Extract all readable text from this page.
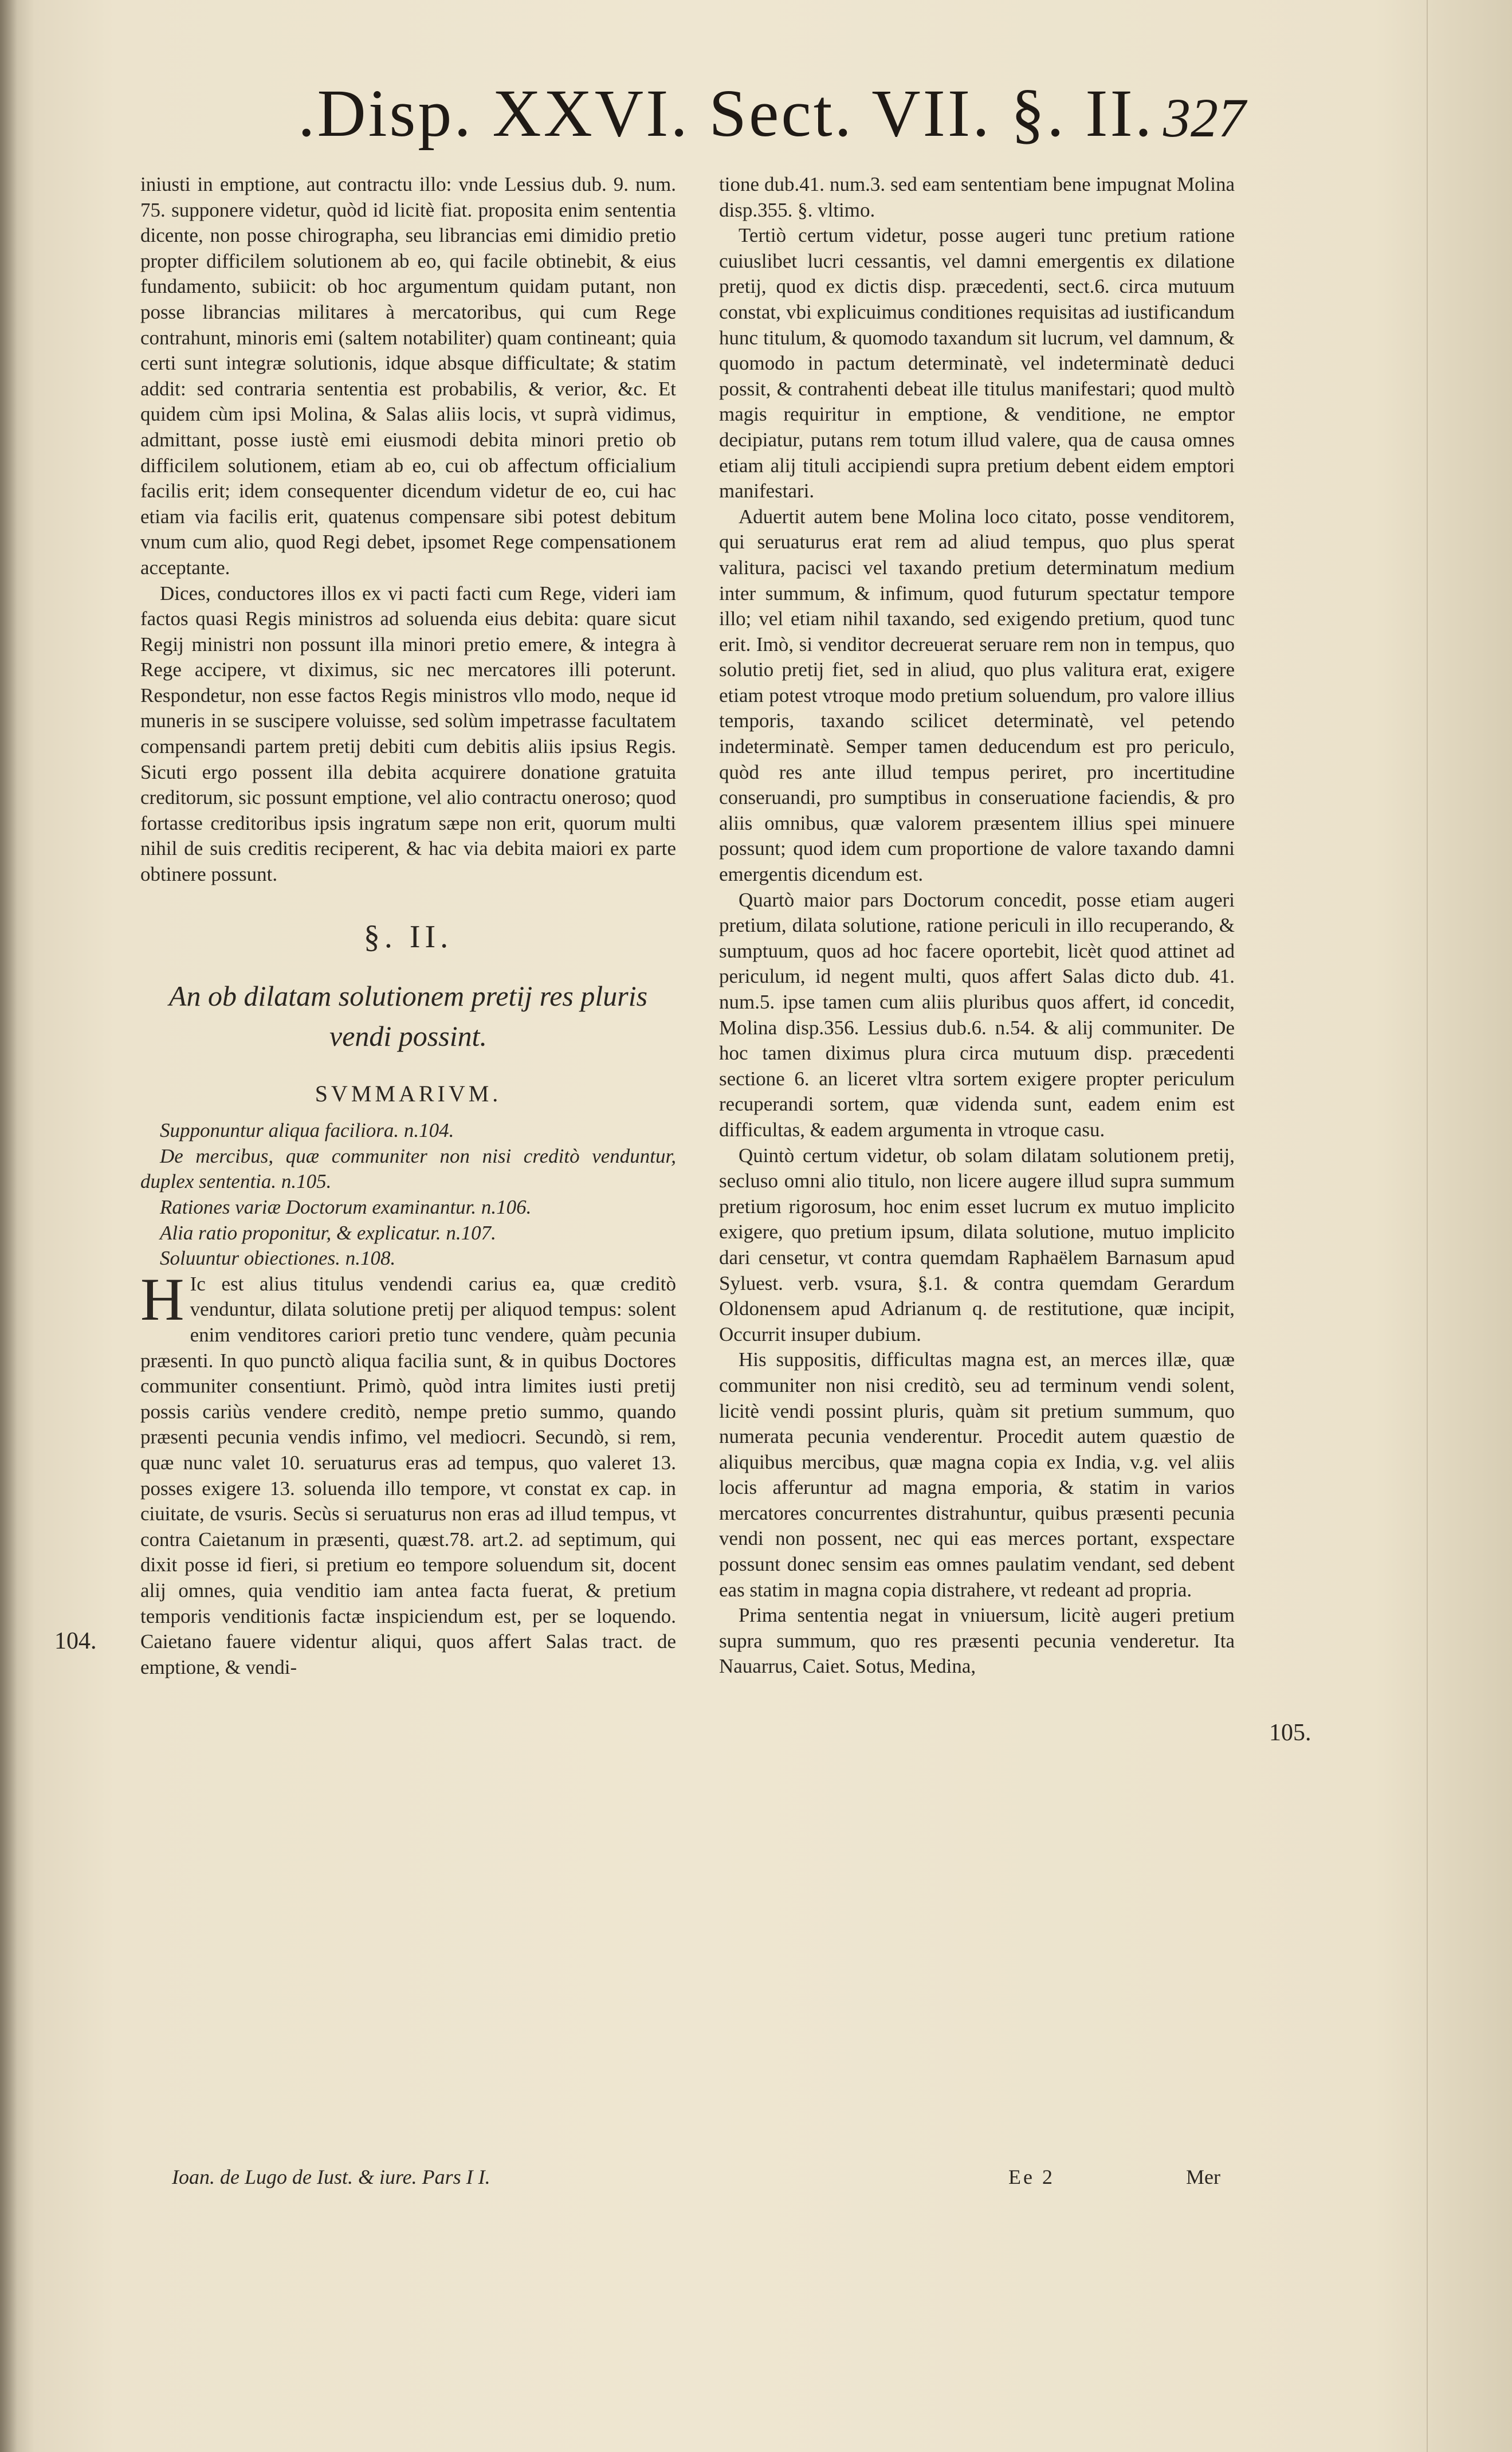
.Disp. XXVI. Sect. VII. §. II. 327

iniusti in emptione, aut contractu illo: vnde Lessius dub. 9. num. 75. supponere videtur, quòd id licitè fiat. proposita enim sententia dicente, non posse chirographa, seu librancias emi dimidio pretio propter difficilem solutionem ab eo, qui facile obtinebit, & eius fundamento, subiicit: ob hoc argumentum quidam putant, non posse librancias militares à mercatoribus, qui cum Rege contrahunt, minoris emi (saltem notabiliter) quam contineant; quia certi sunt integræ solutionis, idque absque difficultate; & statim addit: sed contraria sententia est probabilis, & verior, &c. Et quidem cùm ipsi Molina, & Salas aliis locis, vt suprà vidimus, admittant, posse iustè emi eiusmodi debita minori pretio ob difficilem solutionem, etiam ab eo, cui ob affectum officialium facilis erit; idem consequenter dicendum videtur de eo, cui hac etiam via facilis erit, quatenus compensare sibi potest debitum vnum cum alio, quod Regi debet, ipsomet Rege compensationem acceptante.

Dices, conductores illos ex vi pacti facti cum Rege, videri iam factos quasi Regis ministros ad soluenda eius debita: quare sicut Regij ministri non possunt illa minori pretio emere, & integra à Rege accipere, vt diximus, sic nec mercatores illi poterunt. Respondetur, non esse factos Regis ministros vllo modo, neque id muneris in se suscipere voluisse, sed solùm impetrasse facultatem compensandi partem pretij debiti cum debitis aliis ipsius Regis. Sicuti ergo possent illa debita acquirere donatione gratuita creditorum, sic possunt emptione, vel alio contractu oneroso; quod fortasse creditoribus ipsis ingratum sæpe non erit, quorum multi nihil de suis creditis reciperent, & hac via debita maiori ex parte obtinere possunt.

§. II.
An ob dilatam solutionem pretij res pluris vendi possint.
SVMMARIVM.

Supponuntur aliqua faciliora. n.104.

De mercibus, quæ communiter non nisi creditò venduntur, duplex sententia. n.105.

Rationes variæ Doctorum examinantur. n.106.

Alia ratio proponitur, & explicatur. n.107.

Soluuntur obiectiones. n.108.

H Ic est alius titulus vendendi carius ea, quæ creditò venduntur, dilata solutione pretij per aliquod tempus: solent enim venditores cariori pretio tunc vendere, quàm pecunia præsenti. In quo punctò aliqua facilia sunt, & in quibus Doctores communiter consentiunt. Primò, quòd intra limites iusti pretij possis cariùs vendere creditò, nempe pretio summo, quando præsenti pecunia vendis infimo, vel mediocri. Secundò, si rem, quæ nunc valet 10. seruaturus eras ad tempus, quo valeret 13. posses exigere 13. soluenda illo tempore, vt constat ex cap. in ciuitate, de vsuris. Secùs si seruaturus non eras ad illud tempus, vt contra Caietanum in præsenti, quæst.78. art.2. ad septimum, qui dixit posse id fieri, si pretium eo tempore soluendum sit, docent alij omnes, quia venditio iam antea facta fuerat, & pretium temporis venditionis factæ inspiciendum est, per se loquendo. Caietano fauere videntur aliqui, quos affert Salas tract. de emptione, & vendi-

tione dub.41. num.3. sed eam sententiam bene impugnat Molina disp.355. §. vltimo.

Tertiò certum videtur, posse augeri tunc pretium ratione cuiuslibet lucri cessantis, vel damni emergentis ex dilatione pretij, quod ex dictis disp. præcedenti, sect.6. circa mutuum constat, vbi explicuimus conditiones requisitas ad iustificandum hunc titulum, & quomodo taxandum sit lucrum, vel damnum, & quomodo in pactum determinatè, vel indeterminatè deduci possit, & contrahenti debeat ille titulus manifestari; quod multò magis requiritur in emptione, & venditione, ne emptor decipiatur, putans rem totum illud valere, qua de causa omnes etiam alij tituli accipiendi supra pretium debent eidem emptori manifestari.

Aduertit autem bene Molina loco citato, posse venditorem, qui seruaturus erat rem ad aliud tempus, quo plus sperat valitura, pacisci vel taxando pretium determinatum medium inter summum, & infimum, quod futurum spectatur tempore illo; vel etiam nihil taxando, sed exigendo pretium, quod tunc erit. Imò, si venditor decreuerat seruare rem non in tempus, quo solutio pretij fiet, sed in aliud, quo plus valitura erat, exigere etiam potest vtroque modo pretium soluendum, pro valore illius temporis, taxando scilicet determinatè, vel petendo indeterminatè. Semper tamen deducendum est pro periculo, quòd res ante illud tempus periret, pro incertitudine conseruandi, pro sumptibus in conseruatione faciendis, & pro aliis omnibus, quæ valorem præsentem illius spei minuere possunt; quod idem cum proportione de valore taxando damni emergentis dicendum est.

Quartò maior pars Doctorum concedit, posse etiam augeri pretium, dilata solutione, ratione periculi in illo recuperando, & sumptuum, quos ad hoc facere oportebit, licèt quod attinet ad periculum, id negent multi, quos affert Salas dicto dub. 41. num.5. ipse tamen cum aliis pluribus quos affert, id concedit, Molina disp.356. Lessius dub.6. n.54. & alij communiter. De hoc tamen diximus plura circa mutuum disp. præcedenti sectione 6. an liceret vltra sortem exigere propter periculum recuperandi sortem, quæ videnda sunt, eadem enim est difficultas, & eadem argumenta in vtroque casu.

Quintò certum videtur, ob solam dilatam solutionem pretij, secluso omni alio titulo, non licere augere illud supra summum pretium rigorosum, hoc enim esset lucrum ex mutuo implicito exigere, quo pretium ipsum, dilata solutione, mutuo implicito dari censetur, vt contra quemdam Raphaëlem Barnasum apud Syluest. verb. vsura, §.1. & contra quemdam Gerardum Oldonensem apud Adrianum q. de restitutione, quæ incipit, Occurrit insuper dubium.

His suppositis, difficultas magna est, an merces illæ, quæ communiter non nisi creditò, seu ad terminum vendi solent, licitè vendi possint pluris, quàm sit pretium summum, quo numerata pecunia venderentur. Procedit autem quæstio de aliquibus mercibus, quæ magna copia ex India, v.g. vel aliis locis afferuntur ad magna emporia, & statim in varios mercatores concurrentes distrahuntur, quibus præsenti pecunia vendi non possent, nec qui eas merces portant, exspectare possunt donec sensim eas omnes paulatim vendant, sed debent eas statim in magna copia distrahere, vt redeant ad propria.

Prima sententia negat in vniuersum, licitè augeri pretium supra summum, quo res præsenti pecunia venderetur. Ita Nauarrus, Caiet. Sotus, Medina,

104.
105.
Ioan. de Lugo de Iust. & iure. Pars I I.	Ee 2	Mer
